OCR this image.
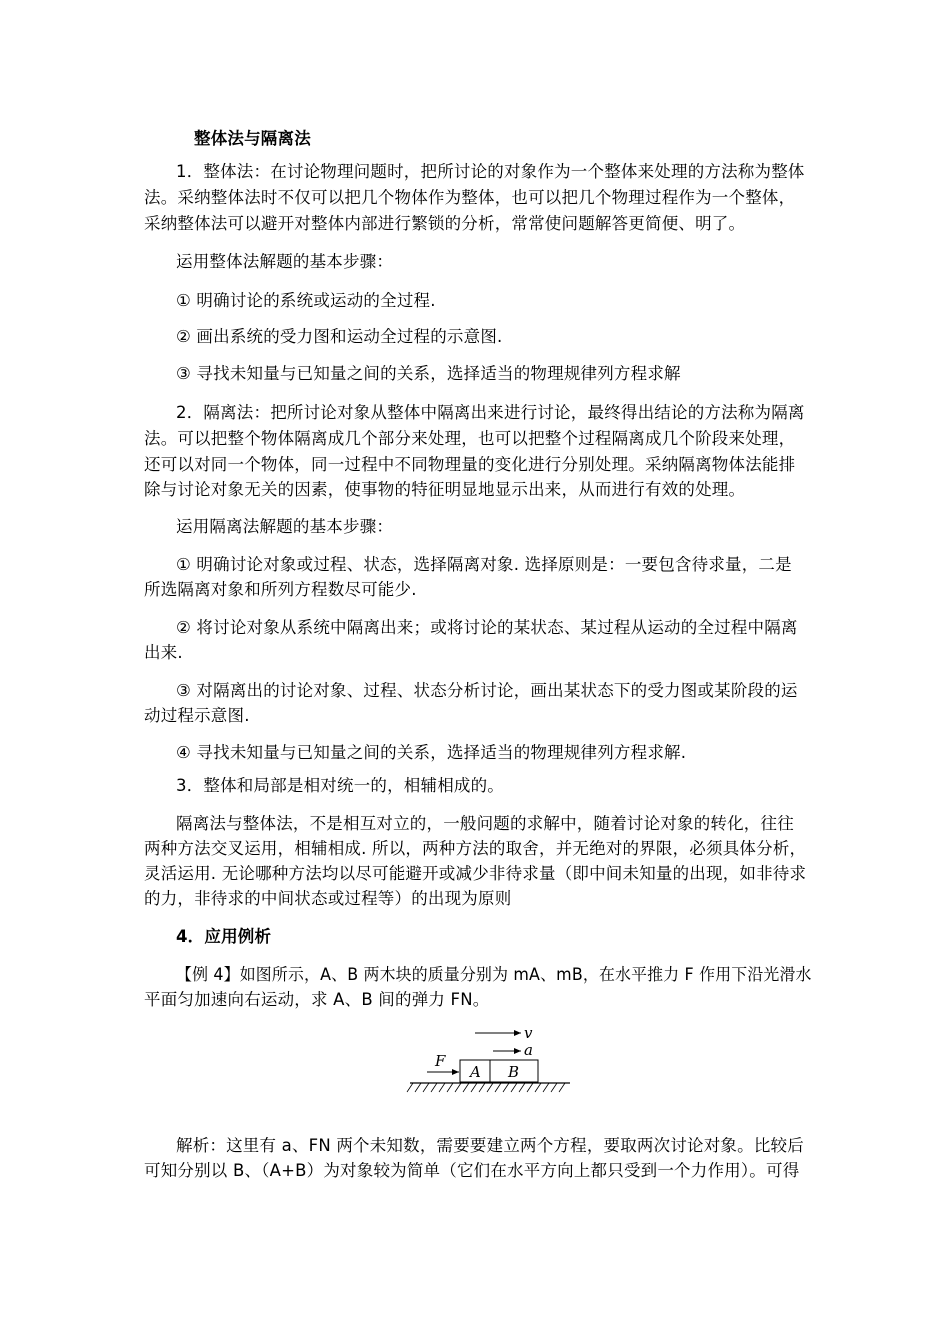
整体法与隔离法
1．整体法：在讨论物理问题时，把所讨论的对象作为一个整体来处理的方法称为整体
法。采纳整体法时不仅可以把几个物体作为整体，也可以把几个物理过程作为一个整体，
采纳整体法可以避开对整体内部进行繁锁的分析，常常使问题解答更简便、明了。
运用整体法解题的基本步骤：
① 明确讨论的系统或运动的全过程.
② 画出系统的受力图和运动全过程的示意图.
③ 寻找未知量与已知量之间的关系，选择适当的物理规律列方程求解
2．隔离法：把所讨论对象从整体中隔离出来进行讨论，最终得出结论的方法称为隔离
法。可以把整个物体隔离成几个部分来处理，也可以把整个过程隔离成几个阶段来处理，
还可以对同一个物体，同一过程中不同物理量的变化进行分别处理。采纳隔离物体法能排
除与讨论对象无关的因素，使事物的特征明显地显示出来，从而进行有效的处理。
运用隔离法解题的基本步骤：
① 明确讨论对象或过程、状态，选择隔离对象. 选择原则是：一要包含待求量，二是
所选隔离对象和所列方程数尽可能少.
② 将讨论对象从系统中隔离出来；或将讨论的某状态、某过程从运动的全过程中隔离
出来.
③ 对隔离出的讨论对象、过程、状态分析讨论，画出某状态下的受力图或某阶段的运
动过程示意图.
④ 寻找未知量与已知量之间的关系，选择适当的物理规律列方程求解.
3．整体和局部是相对统一的，相辅相成的。
隔离法与整体法，不是相互对立的，一般问题的求解中，随着讨论对象的转化，往往
两种方法交叉运用，相辅相成. 所以，两种方法的取舍，并无绝对的界限，必须具体分析，
灵活运用. 无论哪种方法均以尽可能避开或减少非待求量（即中间未知量的出现，如非待求
的力，非待求的中间状态或过程等）的出现为原则
4．应用例析
【例 4】如图所示，A、B 两木块的质量分别为 mA、mB，在水平推力 F 作用下沿光滑水
平面匀加速向右运动，求 A、B 间的弹力 FN。
v
a
F
A B
解析：这里有 a、FN 两个未知数，需要要建立两个方程，要取两次讨论对象。比较后
可知分别以 B、（A+B）为对象较为简单（它们在水平方向上都只受到一个力作用）。可得
